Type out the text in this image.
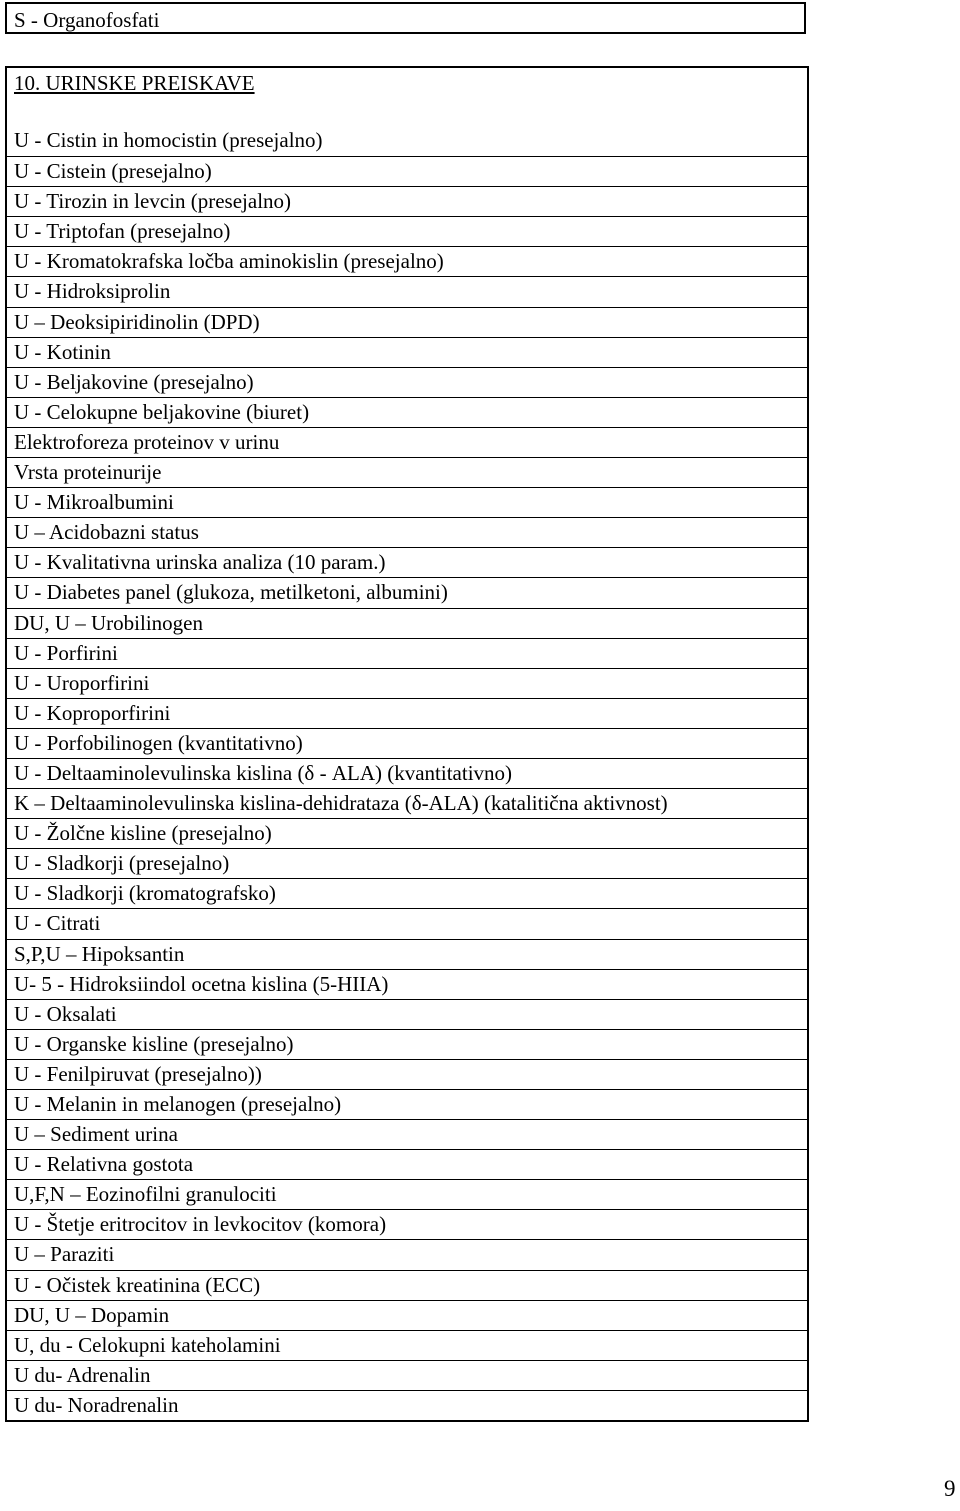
S - Organofosfati
10. URINSKE PREISKAVE
U - Cistin in homocistin (presejalno)
U - Cistein (presejalno)
U - Tirozin in levcin (presejalno)
U - Triptofan (presejalno)
U - Kromatokrafska ločba aminokislin (presejalno)
U - Hidroksiprolin
U – Deoksipiridinolin (DPD)
U - Kotinin
U - Beljakovine (presejalno)
U - Celokupne beljakovine (biuret)
Elektroforeza proteinov v urinu
Vrsta proteinurije
U - Mikroalbumini
U – Acidobazni status
U - Kvalitativna urinska analiza (10 param.)
U - Diabetes panel (glukoza, metilketoni, albumini)
DU, U – Urobilinogen
U - Porfirini
U - Uroporfirini
U - Koproporfirini
U - Porfobilinogen (kvantitativno)
U - Deltaaminolevulinska kislina (δ - ALA) (kvantitativno)
K – Deltaaminolevulinska kislina-dehidrataza (δ-ALA) (katalitična aktivnost)
U - Žolčne kisline (presejalno)
U - Sladkorji (presejalno)
U - Sladkorji (kromatografsko)
U - Citrati
S,P,U – Hipoksantin
U- 5 - Hidroksiindol ocetna kislina (5-HIIA)
U - Oksalati
U - Organske kisline (presejalno)
U - Fenilpiruvat (presejalno))
U - Melanin in melanogen (presejalno)
U – Sediment urina
U - Relativna gostota
U,F,N – Eozinofilni granulociti
U - Štetje eritrocitov in levkocitov (komora)
U – Paraziti
U - Očistek kreatinina (ECC)
DU, U – Dopamin
U, du - Celokupni kateholamini
U du- Adrenalin
U du- Noradrenalin
9
